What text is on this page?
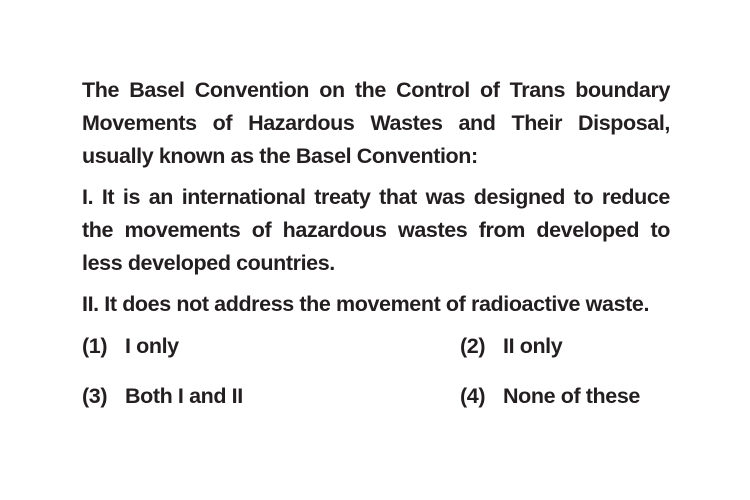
The Basel Convention on the Control of Trans boundary Movements of Hazardous Wastes and Their Disposal, usually known as the Basel Convention:

I. It is an international treaty that was designed to reduce the movements of hazardous wastes from developed to less developed countries.

II. It does not address the movement of radioactive waste.

(1) I only	(2) II only
(3) Both I and II	(4) None of these
